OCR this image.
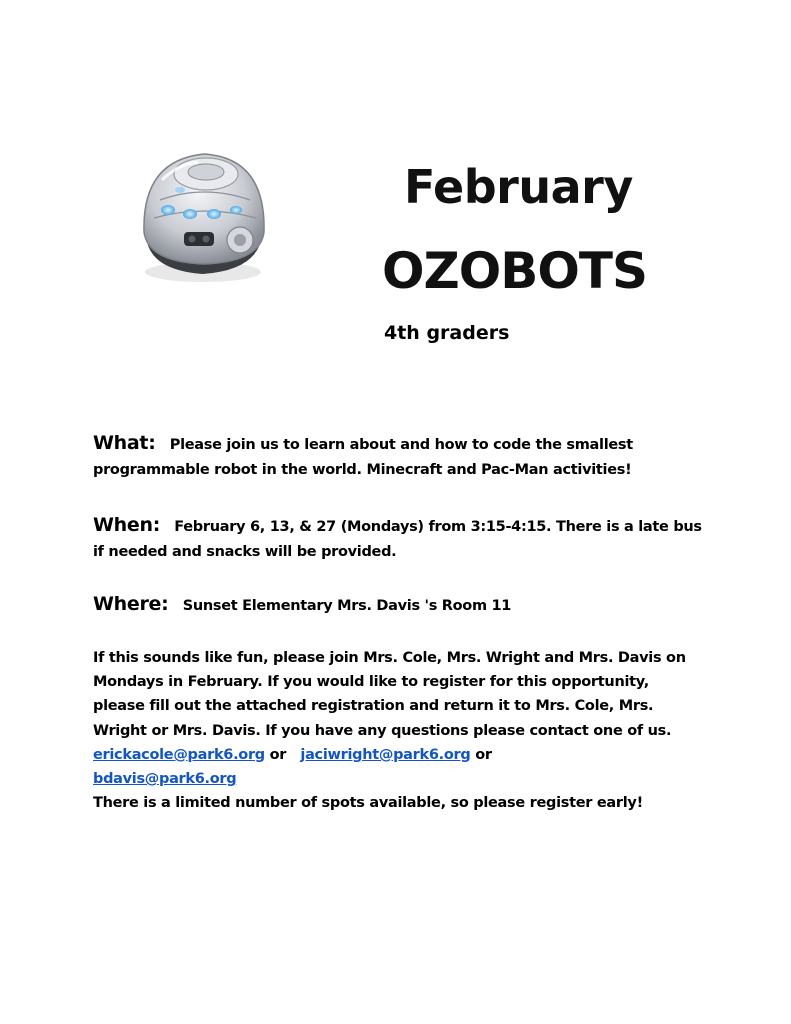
February
OZOBOTS
4th graders
What: Please join us to learn about and how to code the smallest programmable robot in the world. Minecraft and Pac-Man activities!
When: February 6, 13, & 27 (Mondays) from 3:15-4:15. There is a late bus if needed and snacks will be provided.
Where: Sunset Elementary Mrs. Davis 's Room 11
If this sounds like fun, please join Mrs. Cole, Mrs. Wright and Mrs. Davis on Mondays in February. If you would like to register for this opportunity, please fill out the attached registration and return it to Mrs. Cole, Mrs. Wright or Mrs. Davis. If you have any questions please contact one of us.   erickacole@park6.org or jaciwright@park6.org or
bdavis@park6.org
There is a limited number of spots available, so please register early!
